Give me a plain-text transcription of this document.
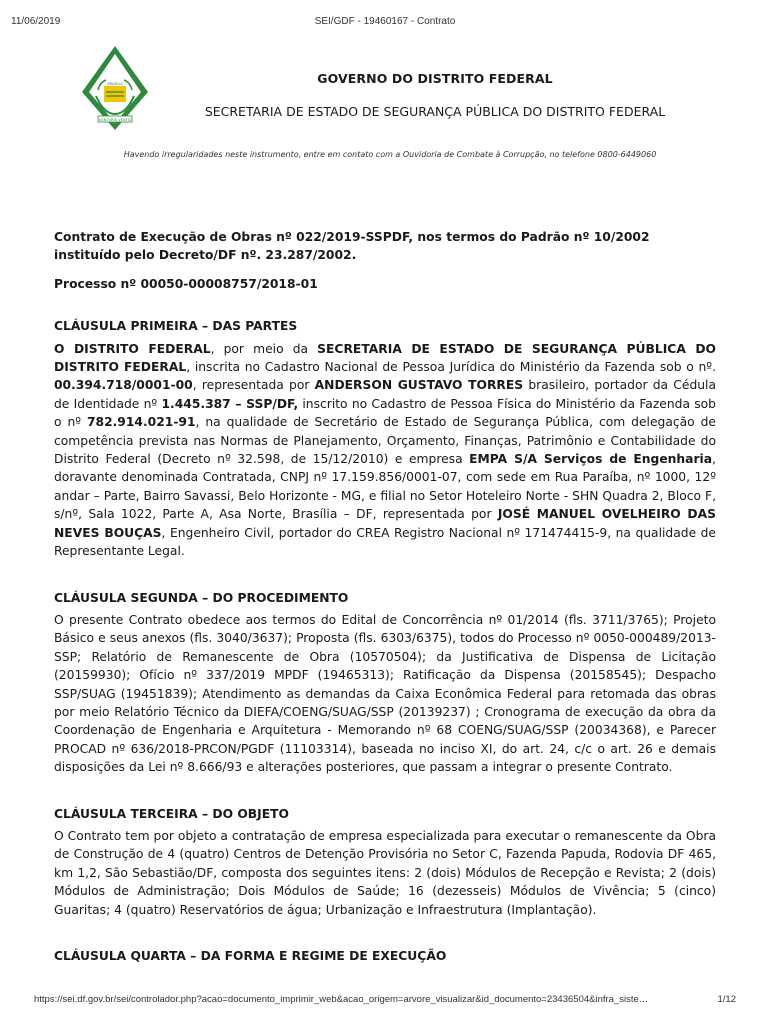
11/06/2019	SEI/GDF - 19460167 - Contrato
VENTURIS VENTIS
BRASÍLIA	GOVERNO DO DISTRITO FEDERAL
SECRETARIA DE ESTADO DE SEGURANÇA PÚBLICA DO DISTRITO FEDERAL
Havendo irregularidades neste instrumento, entre em contato com a Ouvidoria de Combate à Corrupção, no telefone 0800-6449060

Contrato de Execução de Obras nº 022/2019-SSPDF, nos termos do Padrão nº 10/2002 instituído pelo Decreto/DF nº. 23.287/2002.

Processo nº 00050-00008757/2018-01

CLÁUSULA PRIMEIRA – DAS PARTES

O DISTRITO FEDERAL, por meio da SECRETARIA DE ESTADO DE SEGURANÇA PÚBLICA DO DISTRITO FEDERAL, inscrita no Cadastro Nacional de Pessoa Jurídica do Ministério da Fazenda sob o nº. 00.394.718/0001-00, representada por ANDERSON GUSTAVO TORRES brasileiro, portador da Cédula de Identidade nº 1.445.387 – SSP/DF, inscrito no Cadastro de Pessoa Física do Ministério da Fazenda sob o nº 782.914.021-91, na qualidade de Secretário de Estado de Segurança Pública, com delegação de competência prevista nas Normas de Planejamento, Orçamento, Finanças, Patrimônio e Contabilidade do Distrito Federal (Decreto nº 32.598, de 15/12/2010) e empresa EMPA S/A Serviços de Engenharia, doravante denominada Contratada, CNPJ nº 17.159.856/0001-07, com sede em Rua Paraíba, nº 1000, 12º andar – Parte, Bairro Savassi, Belo Horizonte - MG, e filial no Setor Hoteleiro Norte - SHN Quadra 2, Bloco F, s/nº, Sala 1022, Parte A, Asa Norte, Brasília – DF, representada por JOSÉ MANUEL OVELHEIRO DAS NEVES BOUÇAS, Engenheiro Civil, portador do CREA Registro Nacional nº 171474415-9, na qualidade de Representante Legal.

CLÁUSULA SEGUNDA – DO PROCEDIMENTO

O presente Contrato obedece aos termos do Edital de Concorrência nº 01/2014 (fls. 3711/3765); Projeto Básico e seus anexos (fls. 3040/3637); Proposta (fls. 6303/6375), todos do Processo nº 0050-000489/2013-SSP; Relatório de Remanescente de Obra (10570504); da Justificativa de Dispensa de Licitação (20159930); Ofício nº 337/2019 MPDF (19465313); Ratificação da Dispensa (20158545); Despacho SSP/SUAG (19451839); Atendimento as demandas da Caixa Econômica Federal para retomada das obras por meio Relatório Técnico da DIEFA/COENG/SUAG/SSP (20139237) ; Cronograma de execução da obra da Coordenação de Engenharia e Arquitetura - Memorando nº 68 COENG/SUAG/SSP (20034368), e Parecer PROCAD nº 636/2018-PRCON/PGDF (11103314), baseada no inciso XI, do art. 24, c/c o art. 26 e demais disposições da Lei nº 8.666/93 e alterações posteriores, que passam a integrar o presente Contrato.

CLÁUSULA TERCEIRA – DO OBJETO

O Contrato tem por objeto a contratação de empresa especializada para executar o remanescente da Obra de Construção de 4 (quatro) Centros de Detenção Provisória no Setor C, Fazenda Papuda, Rodovia DF 465, km 1,2, São Sebastião/DF, composta dos seguintes itens: 2 (dois) Módulos de Recepção e Revista; 2 (dois) Módulos de Administração; Dois Módulos de Saúde; 16 (dezesseis) Módulos de Vivência; 5 (cinco) Guaritas; 4 (quatro) Reservatórios de água; Urbanização e Infraestrutura (Implantação).

CLÁUSULA QUARTA – DA FORMA E REGIME DE EXECUÇÃO

https://sei.df.gov.br/sei/controlador.php?acao=documento_imprimir_web&acao_origem=arvore_visualizar&id_documento=23436504&infra_siste…	1/12
